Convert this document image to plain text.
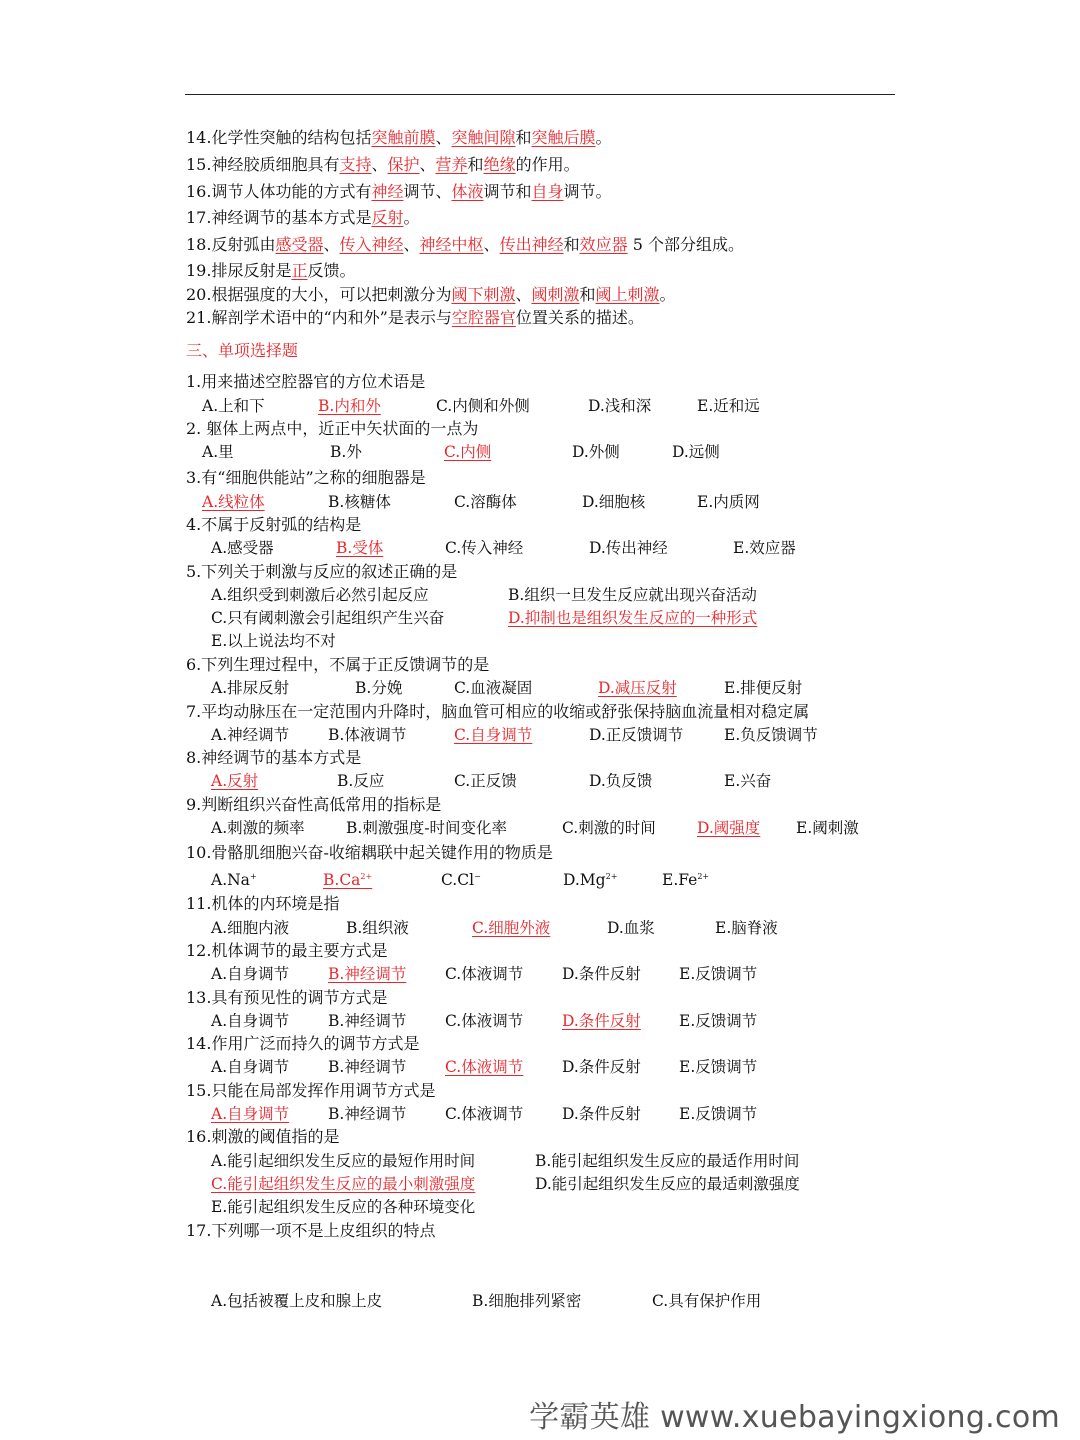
14.化学性突触的结构包括突触前膜、突触间隙和突触后膜。
15.神经胶质细胞具有支持、保护、营养和绝缘的作用。
16.调节人体功能的方式有神经调节、体液调节和自身调节。
17.神经调节的基本方式是反射。
18.反射弧由感受器、传入神经、神经中枢、传出神经和效应器 5 个部分组成。
19.排尿反射是正反馈。
20.根据强度的大小，可以把刺激分为阈下刺激、阈刺激和阈上刺激。
21.解剖学术语中的“内和外”是表示与空腔器官位置关系的描述。
三、单项选择题
1.用来描述空腔器官的方位术语是
A.上和下	B.内和外	C.内侧和外侧	D.浅和深	E.近和远
2. 躯体上两点中，近正中矢状面的一点为
A.里	B.外	C.内侧	D.外侧	D.远侧
3.有“细胞供能站”之称的细胞器是
A.线粒体	B.核糖体	C.溶酶体	D.细胞核	E.内质网
4.不属于反射弧的结构是
A.感受器	B.受体	C.传入神经	D.传出神经	E.效应器
5.下列关于刺激与反应的叙述正确的是
A.组织受到刺激后必然引起反应	B.组织一旦发生反应就出现兴奋活动
C.只有阈刺激会引起组织产生兴奋	D.抑制也是组织发生反应的一种形式
E.以上说法均不对
6.下列生理过程中，不属于正反馈调节的是
A.排尿反射	B.分娩	C.血液凝固	D.减压反射	E.排便反射
7.平均动脉压在一定范围内升降时，脑血管可相应的收缩或舒张保持脑血流量相对稳定属
A.神经调节	B.体液调节	C.自身调节	D.正反馈调节	E.负反馈调节
8.神经调节的基本方式是
A.反射	B.反应	C.正反馈	D.负反馈	E.兴奋
9.判断组织兴奋性高低常用的指标是
A.刺激的频率	B.刺激强度-时间变化率	C.刺激的时间	D.阈强度 E.阈刺激
10.骨骼肌细胞兴奋-收缩耦联中起关键作用的物质是
A.Na+	$B.Ca^{2+}$	C.Cl−	$D.Mg^{2+}$	$E.Fe^{2+}$
11.机体的内环境是指
A.细胞内液	B.组织液	C.细胞外液	D.血浆	E.脑脊液
12.机体调节的最主要方式是
A.自身调节	B.神经调节 C.体液调节	D.条件反射 E.反馈调节
13.具有预见性的调节方式是
A.自身调节	B.神经调节 C.体液调节	D.条件反射 E.反馈调节
14.作用广泛而持久的调节方式是
A.自身调节	B.神经调节 C.体液调节	D.条件反射 E.反馈调节
15.只能在局部发挥作用调节方式是
A.自身调节	B.神经调节 C.体液调节	D.条件反射 E.反馈调节
16.刺激的阈值指的是
A.能引起细织发生反应的最短作用时间	B.能引起组织发生反应的最适作用时间
C.能引起组织发生反应的最小刺激强度	D.能引起组织发生反应的最适刺激强度
E.能引起组织发生反应的各种环境变化
17.下列哪一项不是上皮组织的特点
A.包括被覆上皮和腺上皮	B.细胞排列紧密	C.具有保护作用
学霸英雄 www.xuebayingxiong.com
